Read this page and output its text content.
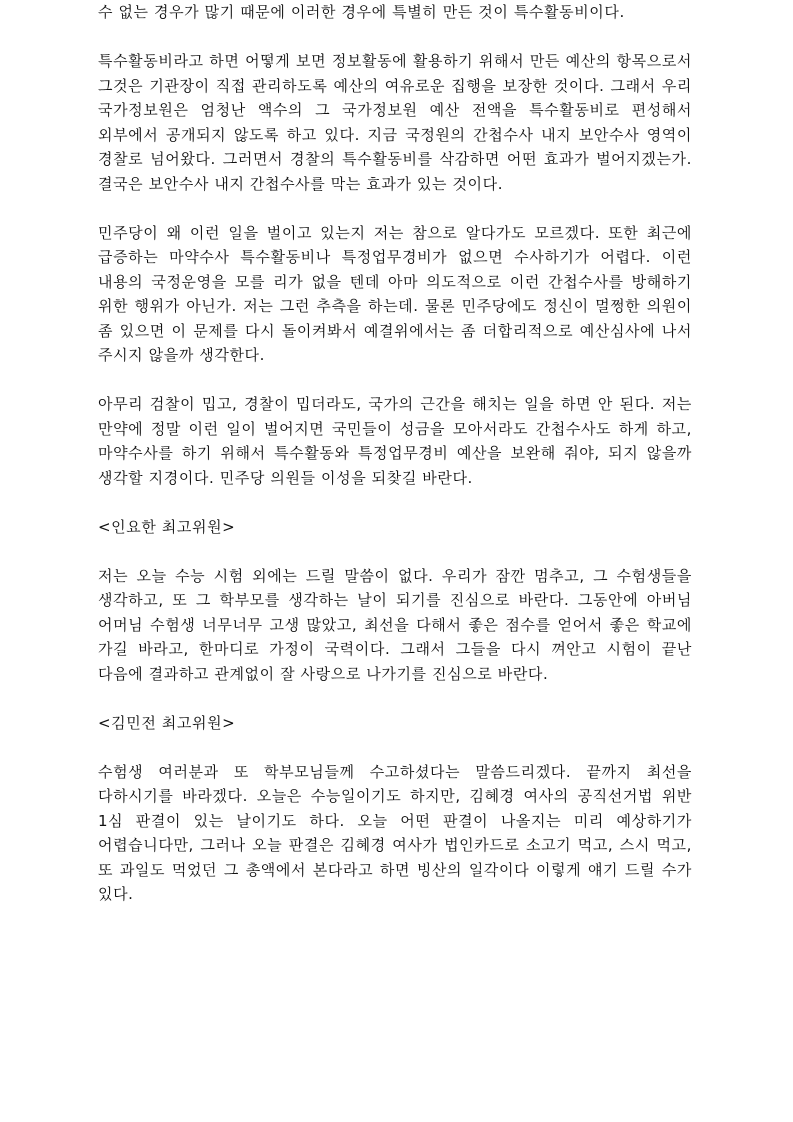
수 없는 경우가 많기 때문에 이러한 경우에 특별히 만든 것이 특수활동비이다.

특수활동비라고 하면 어떻게 보면 정보활동에 활용하기 위해서 만든 예산의 항목으로서 그것은 기관장이 직접 관리하도록 예산의 여유로운 집행을 보장한 것이다. 그래서 우리 국가정보원은 엄청난 액수의 그 국가정보원 예산 전액을 특수활동비로 편성해서 외부에서 공개되지 않도록 하고 있다. 지금 국정원의 간첩수사 내지 보안수사 영역이 경찰로 넘어왔다. 그러면서 경찰의 특수활동비를 삭감하면 어떤 효과가 벌어지겠는가. 결국은 보안수사 내지 간첩수사를 막는 효과가 있는 것이다.

민주당이 왜 이런 일을 벌이고 있는지 저는 참으로 알다가도 모르겠다. 또한 최근에 급증하는 마약수사 특수활동비나 특정업무경비가 없으면 수사하기가 어렵다. 이런 내용의 국정운영을 모를 리가 없을 텐데 아마 의도적으로 이런 간첩수사를 방해하기 위한 행위가 아닌가. 저는 그런 추측을 하는데. 물론 민주당에도 정신이 멀쩡한 의원이 좀 있으면 이 문제를 다시 돌이켜봐서 예결위에서는 좀 더합리적으로 예산심사에 나서 주시지 않을까 생각한다.

아무리 검찰이 밉고, 경찰이 밉더라도, 국가의 근간을 해치는 일을 하면 안 된다. 저는 만약에 정말 이런 일이 벌어지면 국민들이 성금을 모아서라도 간첩수사도 하게 하고, 마약수사를 하기 위해서 특수활동와 특정업무경비 예산을 보완해 줘야, 되지 않을까 생각할 지경이다. 민주당 의원들 이성을 되찾길 바란다.

<인요한 최고위원>

저는 오늘 수능 시험 외에는 드릴 말씀이 없다. 우리가 잠깐 멈추고, 그 수험생들을 생각하고, 또 그 학부모를 생각하는 날이 되기를 진심으로 바란다. 그동안에 아버님 어머님 수험생 너무너무 고생 많았고, 최선을 다해서 좋은 점수를 얻어서 좋은 학교에 가길 바라고, 한마디로 가정이 국력이다. 그래서 그들을 다시 껴안고 시험이 끝난 다음에 결과하고 관계없이 잘 사랑으로 나가기를 진심으로 바란다.

<김민전 최고위원>

수험생 여러분과 또 학부모님들께 수고하셨다는 말씀드리겠다. 끝까지 최선을 다하시기를 바라겠다. 오늘은 수능일이기도 하지만, 김혜경 여사의 공직선거법 위반 1심 판결이 있는 날이기도 하다. 오늘 어떤 판결이 나올지는 미리 예상하기가 어렵습니다만, 그러나 오늘 판결은 김혜경 여사가 법인카드로 소고기 먹고, 스시 먹고, 또 과일도 먹었던 그 총액에서 본다라고 하면 빙산의 일각이다 이렇게 얘기 드릴 수가 있다.
